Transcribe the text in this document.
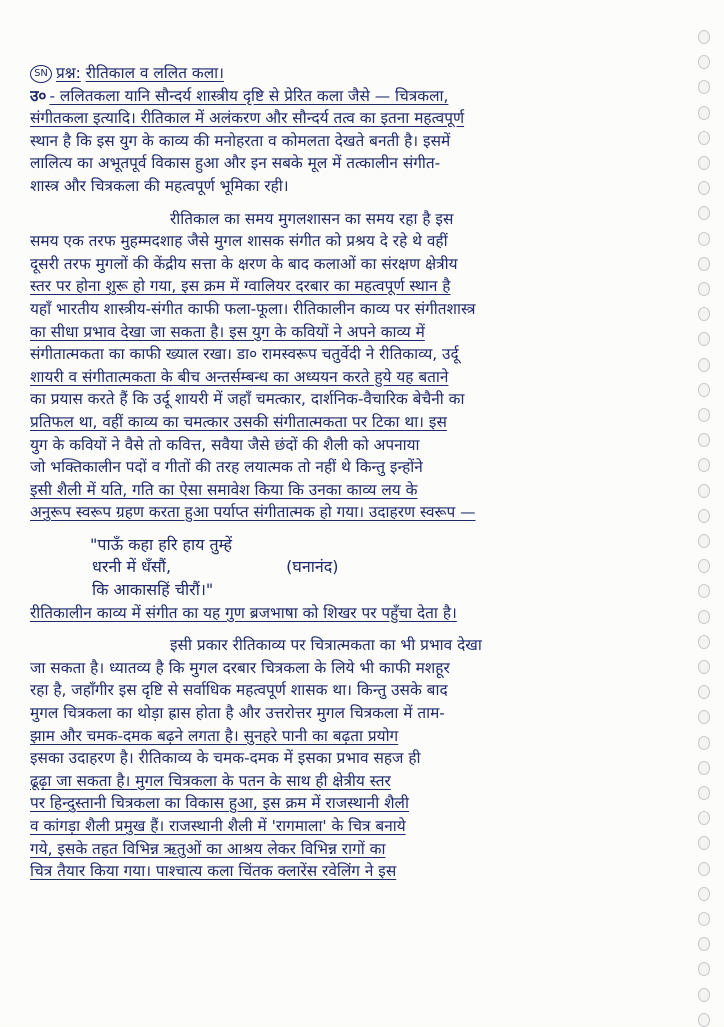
SN प्रश्न: रीतिकाल व ललित कला।
उ० - ललितकला यानि सौन्दर्य शास्त्रीय दृष्टि से प्रेरित कला जैसे — चित्रकला,
संगीतकला इत्यादि। रीतिकाल में अलंकरण और सौन्दर्य तत्व का इतना महत्वपूर्ण
स्थान है कि इस युग के काव्य की मनोहरता व कोमलता देखते बनती है। इसमें
लालित्य का अभूतपूर्व विकास हुआ और इन सबके मूल में तत्कालीन संगीत-
शास्त्र और चित्रकला की महत्वपूर्ण भूमिका रही।
रीतिकाल का समय मुगलशासन का समय रहा है इस
समय एक तरफ मुहम्मदशाह जैसे मुगल शासक संगीत को प्रश्रय दे रहे थे वहीं
दूसरी तरफ मुगलों की केंद्रीय सत्ता के क्षरण के बाद कलाओं का संरक्षण क्षेत्रीय
स्तर पर होना शुरू हो गया, इस क्रम में ग्वालियर दरबार का महत्वपूर्ण स्थान है
यहाँ भारतीय शास्त्रीय-संगीत काफी फला-फूला। रीतिकालीन काव्य पर संगीतशास्त्र
का सीधा प्रभाव देखा जा सकता है। इस युग के कवियों ने अपने काव्य में
संगीतात्मकता का काफी ख्याल रखा। डा० रामस्वरूप चतुर्वेदी ने रीतिकाव्य, उर्दू
शायरी व संगीतात्मकता के बीच अन्तर्सम्बन्ध का अध्ययन करते हुये यह बताने
का प्रयास करते हैं कि उर्दू शायरी में जहाँ चमत्कार, दार्शनिक-वैचारिक बेचैनी का
प्रतिफल था, वहीं काव्य का चमत्कार उसकी संगीतात्मकता पर टिका था। इस
युग के कवियों ने वैसे तो कवित्त, सवैया जैसे छंदों की शैली को अपनाया
जो भक्तिकालीन पदों व गीतों की तरह लयात्मक तो नहीं थे किन्तु इन्होंने
इसी शैली में यति, गति का ऐसा समावेश किया कि उनका काव्य लय के
अनुरूप स्वरूप ग्रहण करता हुआ पर्याप्त संगीतात्मक हो गया। उदाहरण स्वरूप —
"पाऊँ कहा हरि हाय तुम्हें
धरनी में धँसौं,	(घनानंद)
कि आकासहिं चीरौं।"
रीतिकालीन काव्य में संगीत का यह गुण ब्रजभाषा को शिखर पर पहुँचा देता है।
इसी प्रकार रीतिकाव्य पर चित्रात्मकता का भी प्रभाव देखा
जा सकता है। ध्यातव्य है कि मुगल दरबार चित्रकला के लिये भी काफी मशहूर
रहा है, जहाँगीर इस दृष्टि से सर्वाधिक महत्वपूर्ण शासक था। किन्तु उसके बाद
मुगल चित्रकला का थोड़ा ह्रास होता है और उत्तरोत्तर मुगल चित्रकला में ताम-
झाम और चमक-दमक बढ़ने लगता है। सुनहरे पानी का बढ़ता प्रयोग
इसका उदाहरण है। रीतिकाव्य के चमक-दमक में इसका प्रभाव सहज ही
ढूढ़ा जा सकता है। मुगल चित्रकला के पतन के साथ ही क्षेत्रीय स्तर
पर हिन्दुस्तानी चित्रकला का विकास हुआ, इस क्रम में राजस्थानी शैली
व कांगड़ा शैली प्रमुख हैं। राजस्थानी शैली में 'रागमाला' के चित्र बनाये
गये, इसके तहत विभिन्न ऋतुओं का आश्रय लेकर विभिन्न रागों का
चित्र तैयार किया गया। पाश्चात्य कला चिंतक क्लारेंस रवेलिंग ने इस
